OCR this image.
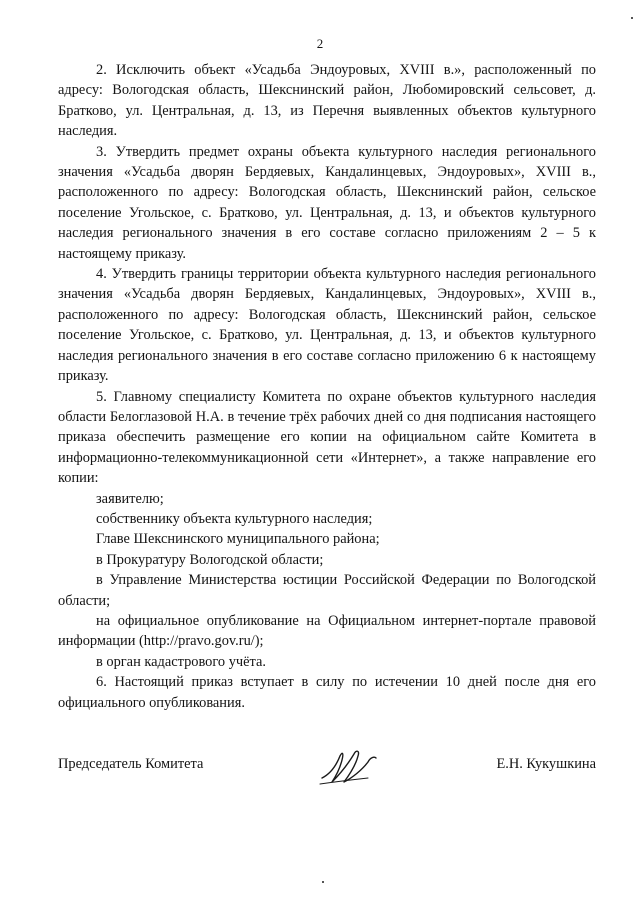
2

2. Исключить объект «Усадьба Эндоуровых, XVIII в.», расположенный по адресу: Вологодская область, Шекснинский район, Любомировский сельсовет, д. Братково, ул. Центральная, д. 13, из Перечня выявленных объектов культурного наследия.

3. Утвердить предмет охраны объекта культурного наследия регионального значения «Усадьба дворян Бердяевых, Кандалинцевых, Эндоуровых», XVIII в., расположенного по адресу: Вологодская область, Шекснинский район, сельское поселение Угольское, с. Братково, ул. Центральная, д. 13, и объектов культурного наследия регионального значения в его составе согласно приложениям 2 – 5 к настоящему приказу.

4. Утвердить границы территории объекта культурного наследия регионального значения «Усадьба дворян Бердяевых, Кандалинцевых, Эндоуровых», XVIII в., расположенного по адресу: Вологодская область, Шекснинский район, сельское поселение Угольское, с. Братково, ул. Центральная, д. 13, и объектов культурного наследия регионального значения в его составе согласно приложению 6 к настоящему приказу.

5. Главному специалисту Комитета по охране объектов культурного наследия области Белоглазовой Н.А. в течение трёх рабочих дней со дня подписания настоящего приказа обеспечить размещение его копии на официальном сайте Комитета в информационно-телекоммуникационной сети «Интернет», а также направление его копии:

заявителю;

собственнику объекта культурного наследия;

Главе Шекснинского муниципального района;

в Прокуратуру Вологодской области;

в Управление Министерства юстиции Российской Федерации по Вологодской области;

на официальное опубликование на Официальном интернет-портале правовой информации (http://pravo.gov.ru/);

в орган кадастрового учёта.

6. Настоящий приказ вступает в силу по истечении 10 дней после дня его официального опубликования.

Председатель Комитета	Е.Н. Кукушкина
